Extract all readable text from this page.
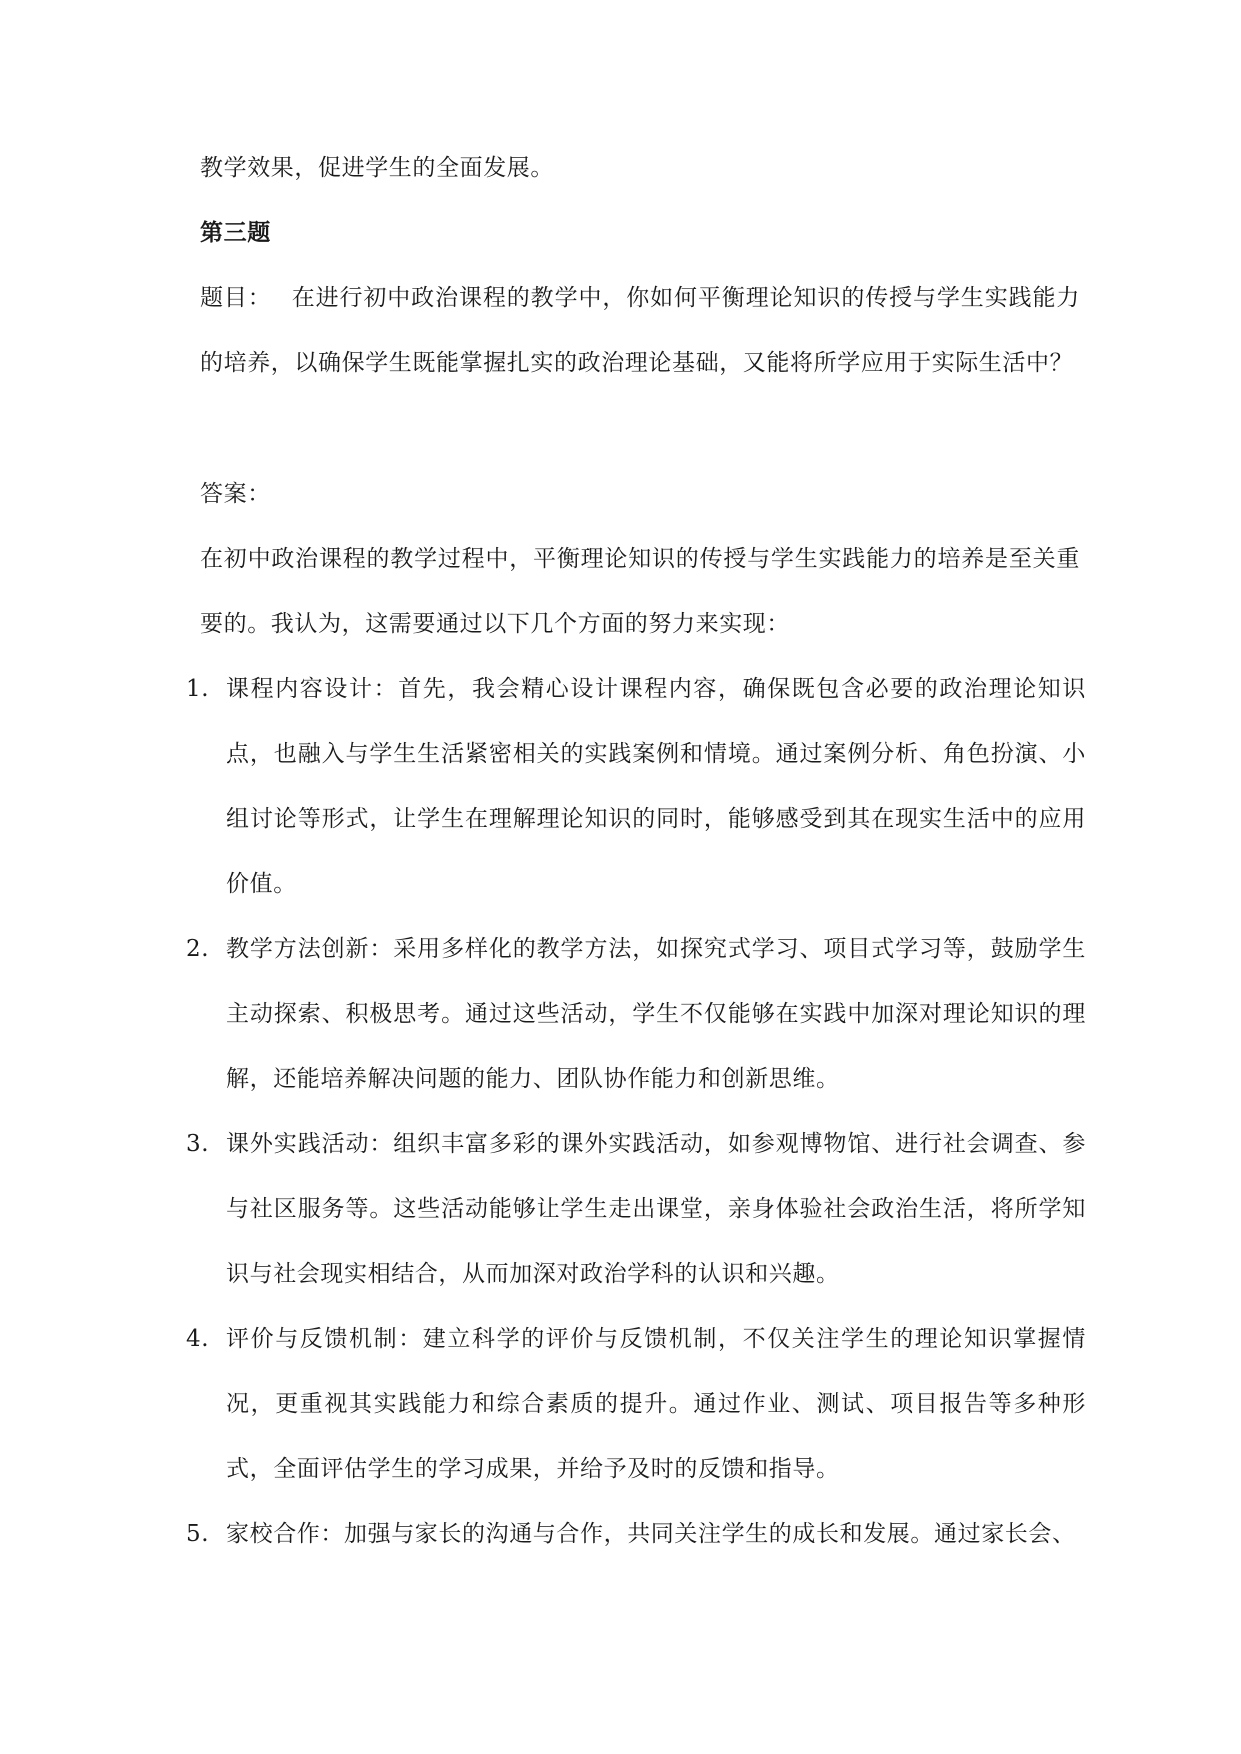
教学效果，促进学生的全面发展。

第三题

题目： 在进行初中政治课程的教学中，你如何平衡理论知识的传授与学生实践能力的培养，以确保学生既能掌握扎实的政治理论基础，又能将所学应用于实际生活中？

答案：

在初中政治课程的教学过程中，平衡理论知识的传授与学生实践能力的培养是至关重要的。我认为，这需要通过以下几个方面的努力来实现：

1. 课程内容设计：首先，我会精心设计课程内容，确保既包含必要的政治理论知识点，也融入与学生生活紧密相关的实践案例和情境。通过案例分析、角色扮演、小组讨论等形式，让学生在理解理论知识的同时，能够感受到其在现实生活中的应用价值。
2. 教学方法创新：采用多样化的教学方法，如探究式学习、项目式学习等，鼓励学生主动探索、积极思考。通过这些活动，学生不仅能够在实践中加深对理论知识的理解，还能培养解决问题的能力、团队协作能力和创新思维。
3. 课外实践活动：组织丰富多彩的课外实践活动，如参观博物馆、进行社会调查、参与社区服务等。这些活动能够让学生走出课堂，亲身体验社会政治生活，将所学知识与社会现实相结合，从而加深对政治学科的认识和兴趣。
4. 评价与反馈机制：建立科学的评价与反馈机制，不仅关注学生的理论知识掌握情况，更重视其实践能力和综合素质的提升。通过作业、测试、项目报告等多种形式，全面评估学生的学习成果，并给予及时的反馈和指导。
5. 家校合作：加强与家长的沟通与合作，共同关注学生的成长和发展。通过家长会、
